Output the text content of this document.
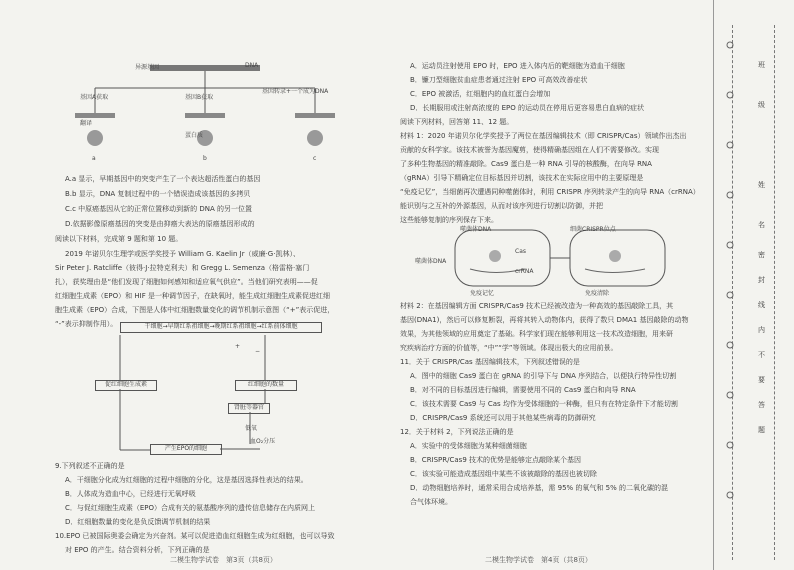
异源基因	DNA
基因A获取	基因B获取
基因转录+一个成为DNA
翻译
蛋白质
a	b	c
A.a 显示，早期基因中的突变产生了一个表达超活性蛋白的基因
B.b 显示，DNA 复制过程中的一个错误造成该基因的多拷贝
C.c 中原癌基因从它的正常位置移动到新的 DNA 的另一位置
D.依据影像原癌基因的突变是由抑癌大表达的原癌基因形成的
阅读以下材料，完成第 9 题和第 10 题。
2019 年诺贝尔生理学或医学奖授予 William G. Kaelin Jr（威廉·G·凯林）、
Sir Peter J. Ratcliffe（彼得·J·拉特克利夫）和 Gregg L. Semenza（格雷格·塞门
扎），获奖理由是“他们发现了细胞如何感知和适应氧气供应”。当他们研究表明——促
红细胞生成素（EPO）和 HIF 是一种调节因子，在缺氧时，能生成红细胞生成素促进红细
胞生成素（EPO）合成，下图是人体中红细胞数量变化的调节机制示意图（“+”表示促进，
“-”表示抑制作用）。	干细胞→早期红系祖细胞→晚期红系祖细胞→红系前体细胞
促红细胞生成素	红细胞的数量
肾脏等器官
产生EPO的细胞
低氧
血O₂分压
+
−
9.下列叙述不正确的是
A．干细胞分化成为红细胞的过程中细胞的分化，这是基因选择性表达的结果。
B．人体成为造血中心，已经进行无氧呼吸
C．与促红细胞生成素（EPO）合成有关的氨基酸序列的遗传信息储存在内质网上
D．红细胞数量的变化是负反馈调节机制的结果
10.EPO 已被国际奥委会确定为兴奋剂。某可以促进造血红细胞生成为红细胞，也可以导致
对 EPO 的产生。结合资料分析，下列正确的是
二模生物学试卷　第3页（共8页）
A．运动员注射使用 EPO 时，EPO 进入体内后的靶细胞为造血干细胞
B．镰刀型细胞贫血症患者通过注射 EPO 可高效改善症状
C．EPO 被激活，红细胞内的血红蛋白会增加
D．长期服用或注射高浓度的 EPO 的运动员在停用后更容易患白血病的症状
阅读下列材料，回答第 11、12 题。
材料 1：2020 年诺贝尔化学奖授予了两位在基因编辑技术（即 CRISPR/Cas）领域作出杰出
贡献的女科学家。该技术被誉为基因魔剪，使得精确基因组在人们不需要修改。实现
了多种生物基因的精准敲除。Cas9 蛋白是一种 RNA 引导的核酸酶，在向导 RNA
（gRNA）引导下精确定位目标基因并切割，该技术在实际应用中的主要原理是
“免疫记忆”，当细菌再次遭遇同种噬菌体时，利用 CRISPR 序列转录产生的向导 RNA（crRNA）
能识别与之互补的外源基因，从而对该序列进行切割以防御，并把
这些能够复制的序列保存下来。
噬菌体DNA	细菌CRISPR位点
噬菌体DNA
Cas
crRNA
免疫记忆	免疫清除
材料 2：在基因编辑方面 CRISPR/Cas9 技术已经被改造为一种高效的基因敲除工具，其
基因(DNA1)，然后可以修复断裂，再将其转入动物体内，获得了数只 DMA1 基因敲除的动物
效果，为其他领域的应用奠定了基础。科学家们现在能够利用这一技术改造细胞，用来研
究疾病治疗方面的价值等，“中”“学”等领域。体现出极大的应用前景。
11．关于 CRISPR/Cas 基因编辑技术，下列叙述错误的是
A．图中的细胞 Cas9 蛋白在 gRNA 的引导下与 DNA 序列结合，以便执行特异性切割
B．对不同的目标基因进行编辑，需要使用不同的 Cas9 蛋白和向导 RNA
C．该技术需要 Cas9 与 Cas 均作为受体细胞的一种酶，但只有在特定条件下才能切割
D．CRISPR/Cas9 系统还可以用于其他某些病毒的防御研究
12．关于材料 2，下列说法正确的是
A．实验中的受体细胞为某种细菌细胞
B．CRISPR/Cas9 技术的优势是能够定点敲除某个基因
C．该实验可能造成基因组中某些不该被敲除的基因也被切除
D．动物细胞培养时，通常采用合成培养基，需 95% 的氧气和 5% 的二氧化碳的混
合气体环境。
二模生物学试卷　第4页（共8页）
班
级
姓
名
密
封
线
内
不
要
答
题
